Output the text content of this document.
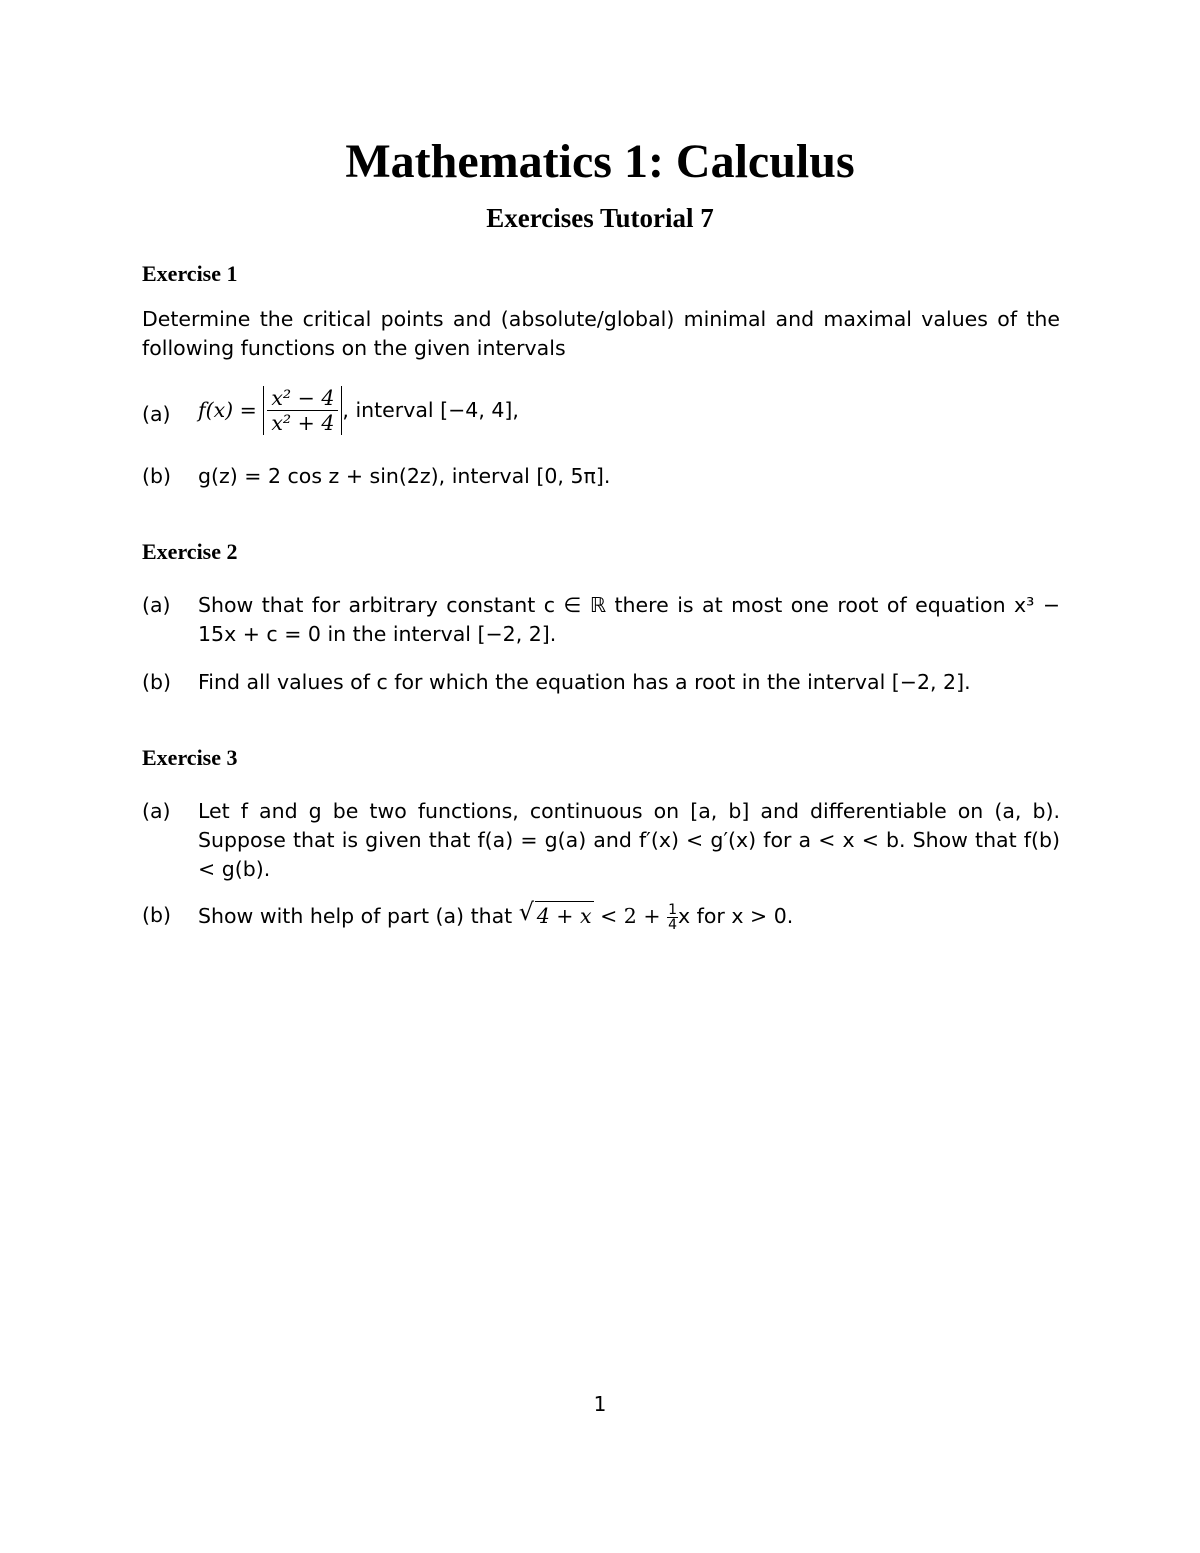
Mathematics 1: Calculus
Exercises Tutorial 7
Exercise 1
Determine the critical points and (absolute/global) minimal and maximal values of the following functions on the given intervals
(a) $f(x) = \frac{\text{x² − 4}}{\text{x² + 4}}$ , interval [−4, 4],
(b) g(z) = 2 cos z + sin(2z), interval [0, 5π].
Exercise 2
(a) Show that for arbitrary constant c ∈ ℝ there is at most one root of equation x³ − 15x + c = 0 in the interval [−2, 2].
(b) Find all values of c for which the equation has a root in the interval [−2, 2].
Exercise 3
(a) Let f and g be two functions, continuous on [a, b] and differentiable on (a, b). Suppose that is given that f(a) = g(a) and f′(x) < g′(x) for a < x < b. Show that f(b) < g(b).
(b) Show with help of part (a) that √ $4 + x < 2 + \frac{1}{4}$ x for x > 0.
1
